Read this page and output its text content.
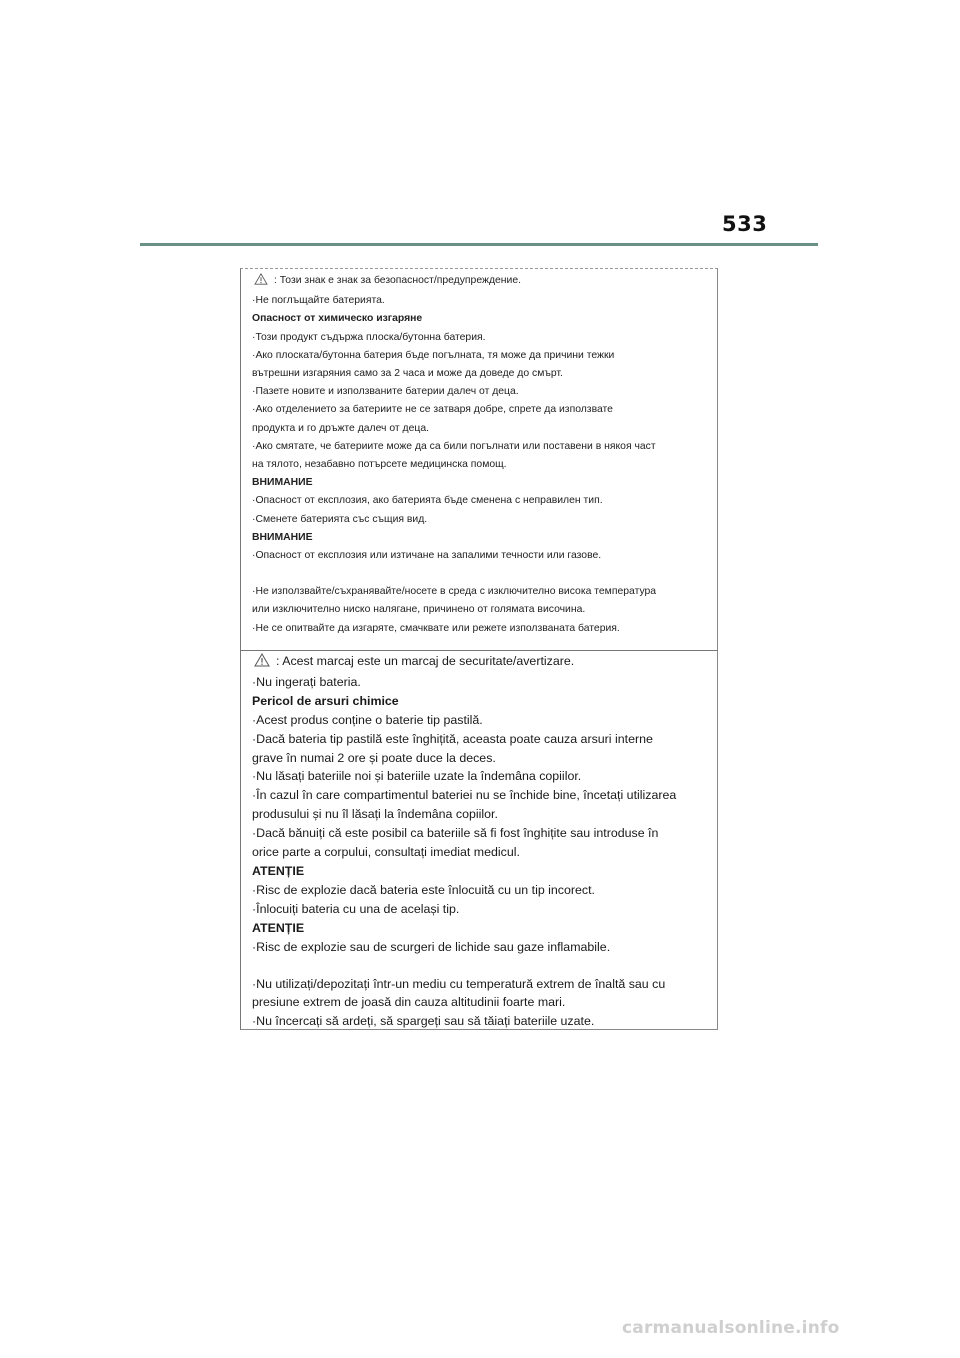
533
: Този знак е знак за безопасност/предупреждение.
·Не поглъщайте батерията.
Опасност от химическо изгаряне
·Този продукт съдържа плоска/бутонна батерия.
·Ако плоската/бутонна батерия бъде погълната, тя може да причини тежки
вътрешни изгаряния само за 2 часа и може да доведе до смърт.
·Пазете новите и използваните батерии далеч от деца.
·Ако отделението за батериите не се затваря добре, спрете да използвате
продукта и го дръжте далеч от деца.
·Ако смятате, че батериите може да са били погълнати или поставени в някоя част
на тялото, незабавно потърсете медицинска помощ.
ВНИМАНИЕ
·Опасност от експлозия, ако батерията бъде сменена с неправилен тип.
·Сменете батерията със същия вид.
ВНИМАНИЕ
·Опасност от експлозия или изтичане на запалими течности или газове.
·Не използвайте/съхранявайте/носете в среда с изключително висока температура
или изключително ниско налягане, причинено от голямата височина.
·Не се опитвайте да изгаряте, смачквате или режете използваната батерия.
: Acest marcaj este un marcaj de securitate/avertizare.
·Nu ingerați bateria.
Pericol de arsuri chimice
·Acest produs conține o baterie tip pastilă.
·Dacă bateria tip pastilă este înghițită, aceasta poate cauza arsuri interne
grave în numai 2 ore și poate duce la deces.
·Nu lăsați bateriile noi și bateriile uzate la îndemâna copiilor.
·În cazul în care compartimentul bateriei nu se închide bine, încetați utilizarea
produsului și nu îl lăsați la îndemâna copiilor.
·Dacă bănuiți că este posibil ca bateriile să fi fost înghițite sau introduse în
orice parte a corpului, consultați imediat medicul.
ATENȚIE
·Risc de explozie dacă bateria este înlocuită cu un tip incorect.
·Înlocuiți bateria cu una de același tip.
ATENȚIE
·Risc de explozie sau de scurgeri de lichide sau gaze inflamabile.
·Nu utilizați/depozitați într-un mediu cu temperatură extrem de înaltă sau cu
presiune extrem de joasă din cauza altitudinii foarte mari.
·Nu încercați să ardeți, să spargeți sau să tăiați bateriile uzate.
carmanualsonline.info
